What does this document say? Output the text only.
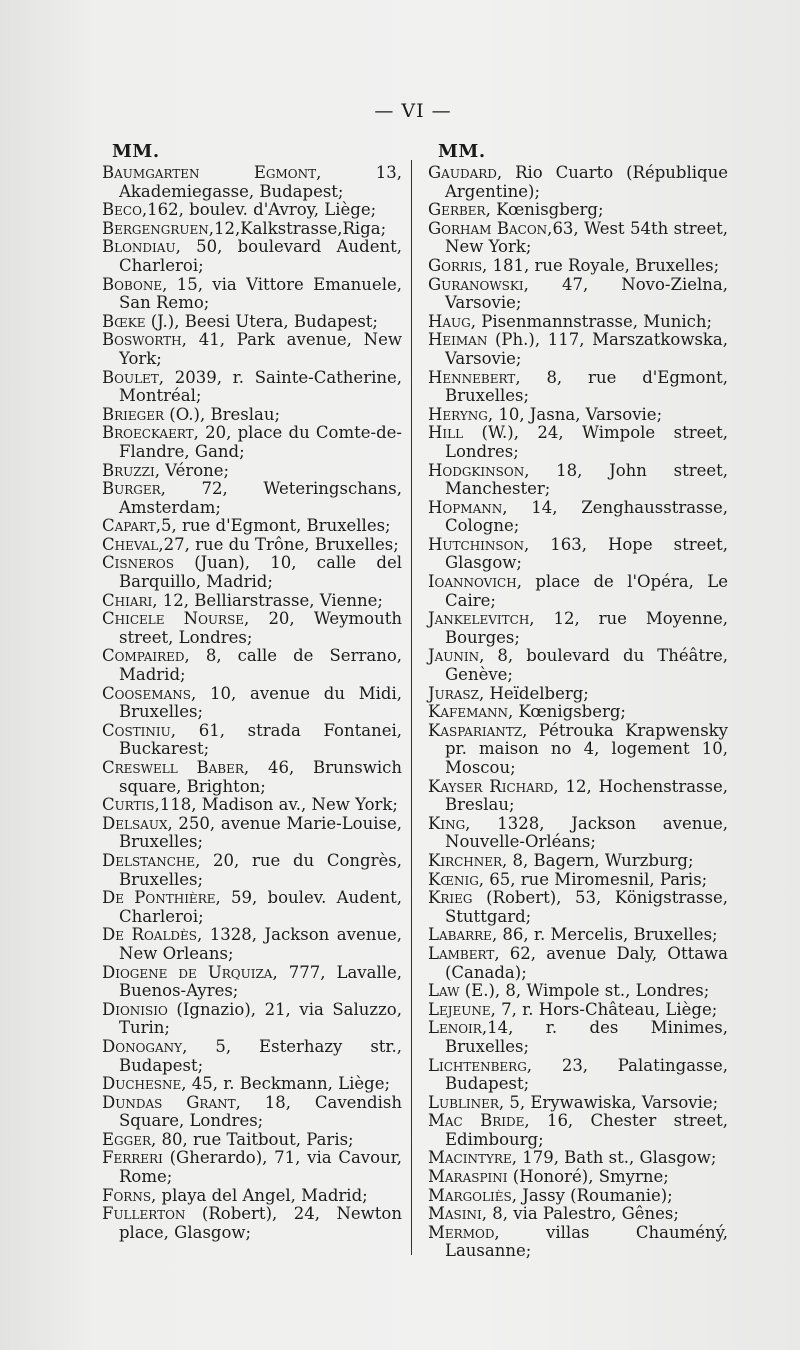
— VI —
MM.
Baumgarten Egmont, 13, Akademiegasse, Budapest;
Beco,162, boulev. d'Avroy, Liège;
Bergengruen,12,Kalkstrasse,Riga;
Blondiau, 50, boulevard Audent, Charleroi;
Bobone, 15, via Vittore Emanuele, San Remo;
Bœke (J.), Beesi Utera, Budapest;
Bosworth, 41, Park avenue, New York;
Boulet, 2039, r. Sainte-Catherine, Montréal;
Brieger (O.), Breslau;
Broeckaert, 20, place du Comte-de-Flandre, Gand;
Bruzzi, Vérone;
Burger, 72, Weteringschans, Amsterdam;
Capart,5, rue d'Egmont, Bruxelles;
Cheval,27, rue du Trône, Bruxelles;
Cisneros (Juan), 10, calle del Barquillo, Madrid;
Chiari, 12, Belliarstrasse, Vienne;
Chicele Nourse, 20, Weymouth street, Londres;
Compaired, 8, calle de Serrano, Madrid;
Coosemans, 10, avenue du Midi, Bruxelles;
Costiniu, 61, strada Fontanei, Buckarest;
Creswell Baber, 46, Brunswich square, Brighton;
Curtis,118, Madison av., New York;
Delsaux, 250, avenue Marie-Louise, Bruxelles;
Delstanche, 20, rue du Congrès, Bruxelles;
De Ponthière, 59, boulev. Audent, Charleroi;
De Roaldès, 1328, Jackson avenue, New Orleans;
Diogene de Urquiza, 777, Lavalle, Buenos-Ayres;
Dionisio (Ignazio), 21, via Saluzzo, Turin;
Donogany, 5, Esterhazy str., Budapest;
Duchesne, 45, r. Beckmann, Liège;
Dundas Grant, 18, Cavendish Square, Londres;
Egger, 80, rue Taitbout, Paris;
Ferreri (Gherardo), 71, via Cavour, Rome;
Forns, playa del Angel, Madrid;
Fullerton (Robert), 24, Newton place, Glasgow;
MM.
Gaudard, Rio Cuarto (République Argentine);
Gerber, Kœnisgberg;
Gorham Bacon,63, West 54th street, New York;
Gorris, 181, rue Royale, Bruxelles;
Guranowski, 47, Novo-Zielna, Varsovie;
Haug, Pisenmannstrasse, Munich;
Heiman (Ph.), 117, Marszatkowska, Varsovie;
Hennebert, 8, rue d'Egmont, Bruxelles;
Heryng, 10, Jasna, Varsovie;
Hill (W.), 24, Wimpole street, Londres;
Hodgkinson, 18, John street, Manchester;
Hopmann, 14, Zenghausstrasse, Cologne;
Hutchinson, 163, Hope street, Glasgow;
Ioannovich, place de l'Opéra, Le Caire;
Jankelevitch, 12, rue Moyenne, Bourges;
Jaunin, 8, boulevard du Théâtre, Genève;
Jurasz, Heïdelberg;
Kafemann, Kœnigsberg;
Kaspariantz, Pétrouka Krapwensky pr. maison no 4, logement 10, Moscou;
Kayser Richard, 12, Hochenstrasse, Breslau;
King, 1328, Jackson avenue, Nouvelle-Orléans;
Kirchner, 8, Bagern, Wurzburg;
Kœnig, 65, rue Miromesnil, Paris;
Krieg (Robert), 53, Königstrasse, Stuttgard;
Labarre, 86, r. Mercelis, Bruxelles;
Lambert, 62, avenue Daly, Ottawa (Canada);
Law (E.), 8, Wimpole st., Londres;
Lejeune, 7, r. Hors-Château, Liège;
Lenoir,14, r. des Minimes, Bruxelles;
Lichtenberg, 23, Palatingasse, Budapest;
Lubliner, 5, Erywawiska, Varsovie;
Mac Bride, 16, Chester street, Edimbourg;
Macintyre, 179, Bath st., Glasgow;
Maraspini (Honoré), Smyrne;
Margoliès, Jassy (Roumanie);
Masini, 8, via Palestro, Gênes;
Mermod, villas Chauméný, Lausanne;
